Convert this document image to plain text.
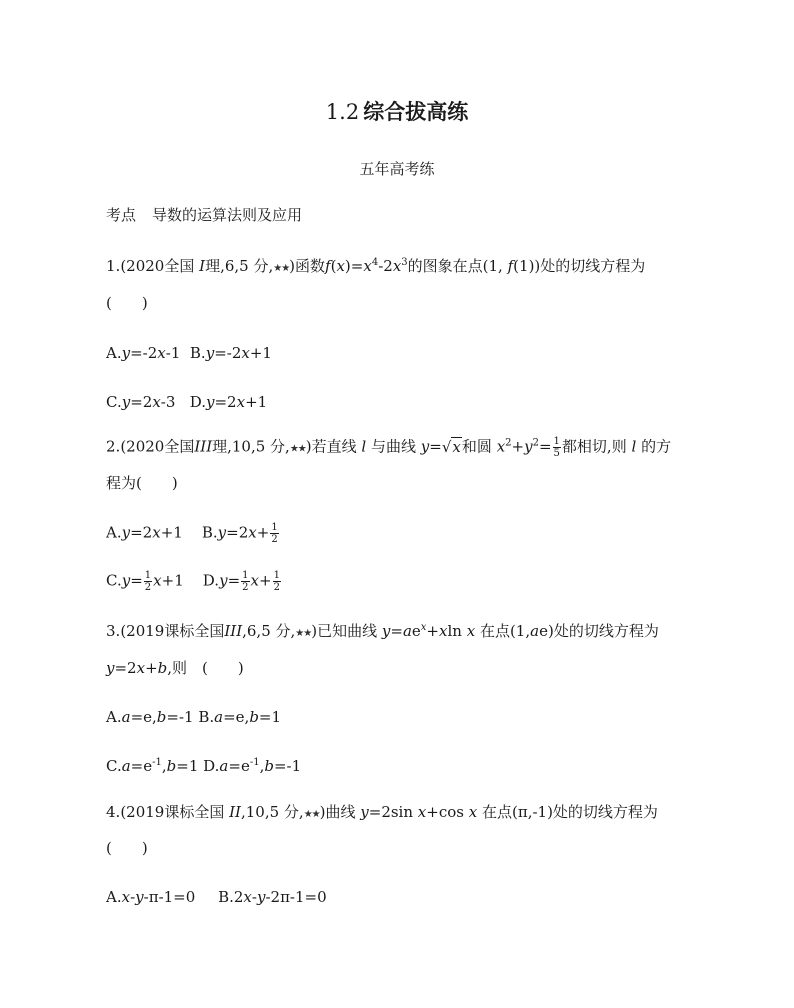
1.2 综合拔高练
五年高考练
考点 导数的运算法则及应用
1.(2020全国 I理,6,5 分,★★)函数$f(x)=x^4-2x^3$的图象在点(1, f(1))处的切线方程为
(　　)
A.y=-2x-1  B.y=-2x+1
C.y=2x-3   D.y=2x+1
2.(2020全国III理,10,5 分,★★)若直线 l 与曲线 y=√x和圆 $x^2+y^2= \frac{1}{5}$ 都相切,则 l 的方
程为(　　)
A.y=2x+1    $B.y=2x+ \frac{1}{2}$
$C.y= \frac{1}{2} x+1$    $D.y= \frac{1}{2} x+ \frac{1}{2}$
3.(2019课标全国III,6,5 分,★★)已知曲线 $y=ae^x+xln$ x 在点(1,ae)处的切线方程为
y=2x+b,则　(　　)
A.a=e,b=-1 B.a=e,b=1
$C.a=e^{-1},b=1$ $D.a=e^{-1},b=-1$
4.(2019课标全国 II,10,5 分,★★)曲线 y=2sin x+cos x 在点(π,-1)处的切线方程为
(　　)
A.x-y-π-1=0 B.2x-y-2π-1=0
